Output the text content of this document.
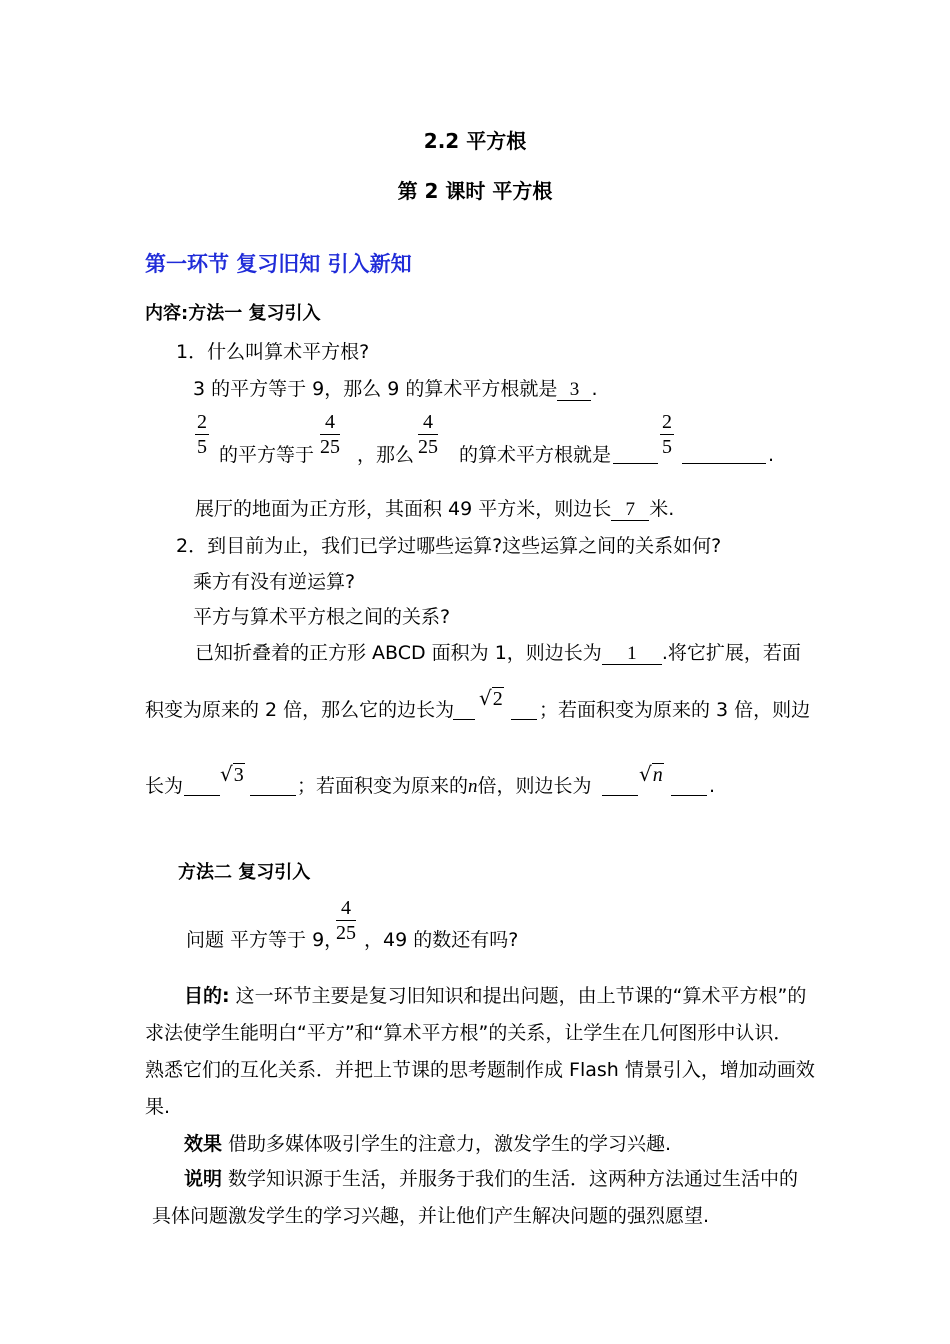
2.2 平方根
第 2 课时 平方根
第一环节 复习旧知 引入新知
内容:方法一 复习引入
1．什么叫算术平方根?
3 的平方等于 9，那么 9 的算术平方根就是 3 .
2
5 的平方等于
4
25 ，那么
4
25 的算术平方根就是
2
5	.
展厅的地面为正方形，其面积 49 平方米，则边长 7 米.
2．到目前为止，我们已学过哪些运算?这些运算之间的关系如何?
乘方有没有逆运算?
平方与算术平方根之间的关系?
已知折叠着的正方形 ABCD 面积为 1，则边长为 1 .将它扩展，若面
积变为原来的 2 倍，那么它的边长为 √2 ；若面积变为原来的 3 倍，则边
长为 √3	；若面积变为原来的n倍，则边长为 √n .
方法二 复习引入
问题 平方等于 9，
4
25 ，49 的数还有吗?
目的: 这一环节主要是复习旧知识和提出问题，由上节课的“算术平方根”的
求法使学生能明白“平方”和“算术平方根”的关系，让学生在几何图形中认识．
熟悉它们的互化关系．并把上节课的思考题制作成 Flash 情景引入，增加动画效
果.
效果 借助多媒体吸引学生的注意力，激发学生的学习兴趣.
说明 数学知识源于生活，并服务于我们的生活．这两种方法通过生活中的
具体问题激发学生的学习兴趣，并让他们产生解决问题的强烈愿望.
